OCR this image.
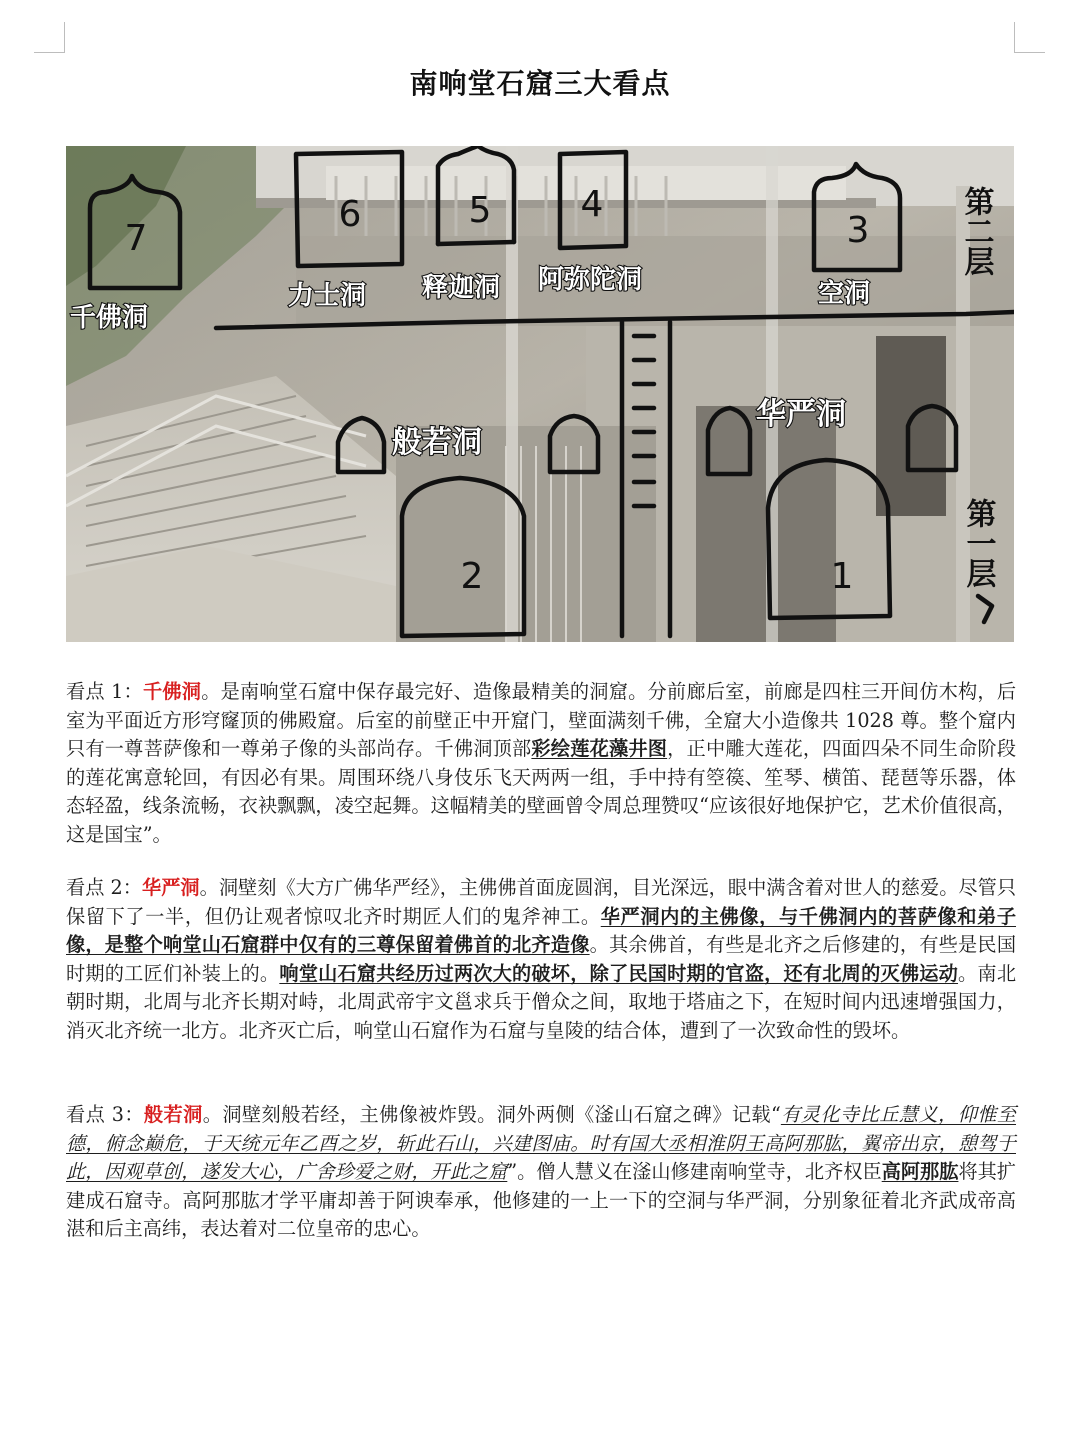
南响堂石窟三大看点
7
6	5 4
3
2	1
千佛洞
力士洞 释迦洞 阿弥陀洞	空洞
般若洞
华严洞
第二层
第一层
看点 1：千佛洞。是南响堂石窟中保存最完好、造像最精美的洞窟。分前廊后室，前廊是四柱三开间仿木构，后室为平面近方形穹窿顶的佛殿窟。后室的前壁正中开窟门，壁面满刻千佛，全窟大小造像共 1028 尊。整个窟内只有一尊菩萨像和一尊弟子像的头部尚存。千佛洞顶部彩绘莲花藻井图，正中雕大莲花，四面四朵不同生命阶段的莲花寓意轮回，有因必有果。周围环绕八身伎乐飞天两两一组，手中持有箜篌、笙琴、横笛、琵琶等乐器，体态轻盈，线条流畅，衣袂飘飘，凌空起舞。这幅精美的壁画曾令周总理赞叹“应该很好地保护它，艺术价值很高，这是国宝”。
看点 2：华严洞。洞壁刻《大方广佛华严经》，主佛佛首面庞圆润，目光深远，眼中满含着对世人的慈爱。尽管只保留下了一半，但仍让观者惊叹北齐时期匠人们的鬼斧神工。华严洞内的主佛像，与千佛洞内的菩萨像和弟子像，是整个响堂山石窟群中仅有的三尊保留着佛首的北齐造像。其余佛首，有些是北齐之后修建的，有些是民国时期的工匠们补装上的。响堂山石窟共经历过两次大的破坏，除了民国时期的官盗，还有北周的灭佛运动。南北朝时期，北周与北齐长期对峙，北周武帝宇文邕求兵于僧众之间，取地于塔庙之下，在短时间内迅速增强国力，消灭北齐统一北方。北齐灭亡后，响堂山石窟作为石窟与皇陵的结合体，遭到了一次致命性的毁坏。
看点 3：般若洞。洞壁刻般若经，主佛像被炸毁。洞外两侧《滏山石窟之碑》记载“有灵化寺比丘慧义，仰惟至德，俯念巅危，于天统元年乙酉之岁，斩此石山，兴建图庙。时有国大丞相淮阴王高阿那肱，翼帝出京，憩驾于此，因观草创，遂发大心，广舍珍爱之财，开此之窟”。僧人慧义在滏山修建南响堂寺，北齐权臣高阿那肱将其扩建成石窟寺。高阿那肱才学平庸却善于阿谀奉承，他修建的一上一下的空洞与华严洞，分别象征着北齐武成帝高湛和后主高纬，表达着对二位皇帝的忠心。
